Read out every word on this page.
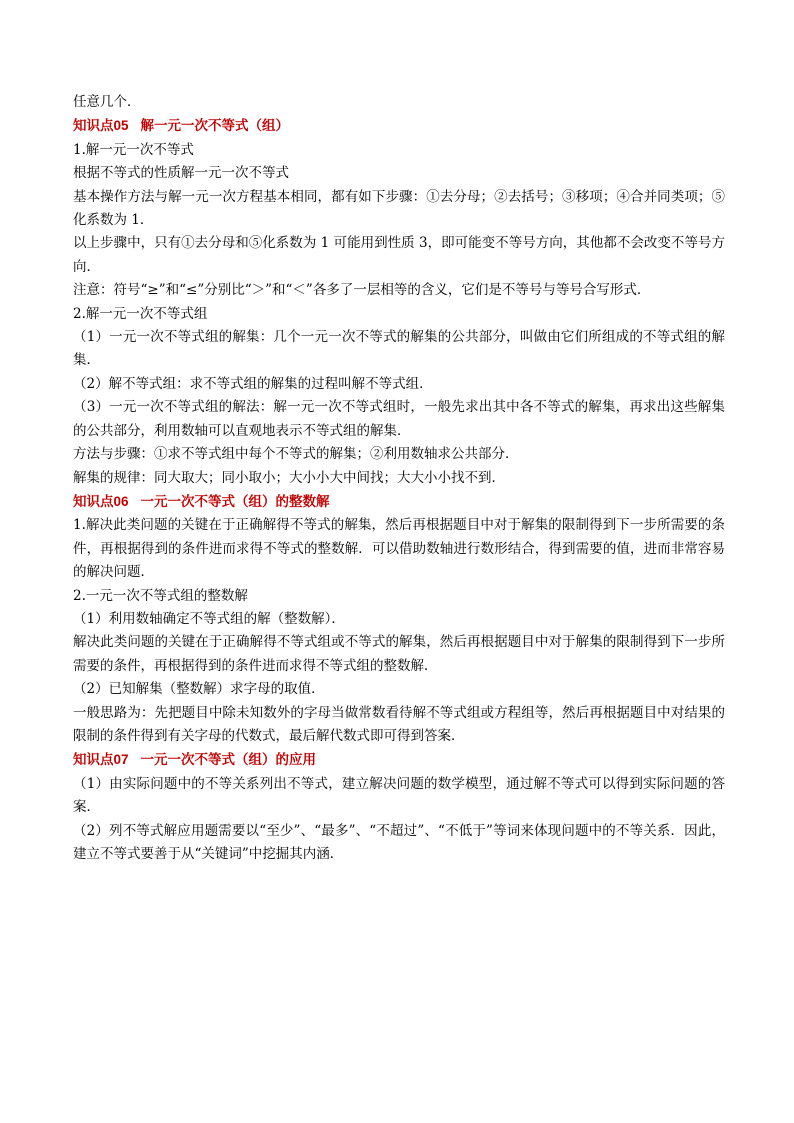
任意几个．

知识点05 解一元一次不等式（组）

1.解一元一次不等式

根据不等式的性质解一元一次不等式

基本操作方法与解一元一次方程基本相同，都有如下步骤：①去分母；②去括号；③移项；④合并同类项；⑤化系数为 1．

以上步骤中，只有①去分母和⑤化系数为 1 可能用到性质 3，即可能变不等号方向，其他都不会改变不等号方向．

注意：符号“≥”和“≤”分别比“＞”和“＜”各多了一层相等的含义，它们是不等号与等号合写形式．

2.解一元一次不等式组

（1）一元一次不等式组的解集：几个一元一次不等式的解集的公共部分，叫做由它们所组成的不等式组的解集．

（2）解不等式组：求不等式组的解集的过程叫解不等式组．

（3）一元一次不等式组的解法：解一元一次不等式组时，一般先求出其中各不等式的解集，再求出这些解集的公共部分，利用数轴可以直观地表示不等式组的解集．

方法与步骤：①求不等式组中每个不等式的解集；②利用数轴求公共部分．

解集的规律：同大取大；同小取小；大小小大中间找；大大小小找不到．

知识点06 一元一次不等式（组）的整数解

1.解决此类问题的关键在于正确解得不等式的解集，然后再根据题目中对于解集的限制得到下一步所需要的条件，再根据得到的条件进而求得不等式的整数解．可以借助数轴进行数形结合，得到需要的值，进而非常容易的解决问题．

2.一元一次不等式组的整数解

（1）利用数轴确定不等式组的解（整数解）．

解决此类问题的关键在于正确解得不等式组或不等式的解集，然后再根据题目中对于解集的限制得到下一步所需要的条件，再根据得到的条件进而求得不等式组的整数解．

（2）已知解集（整数解）求字母的取值．

一般思路为：先把题目中除未知数外的字母当做常数看待解不等式组或方程组等，然后再根据题目中对结果的限制的条件得到有关字母的代数式，最后解代数式即可得到答案．

知识点07 一元一次不等式（组）的应用

（1）由实际问题中的不等关系列出不等式，建立解决问题的数学模型，通过解不等式可以得到实际问题的答案．

（2）列不等式解应用题需要以“至少”、“最多”、“不超过”、“不低于”等词来体现问题中的不等关系．因此，建立不等式要善于从“关键词”中挖掘其内涵．
